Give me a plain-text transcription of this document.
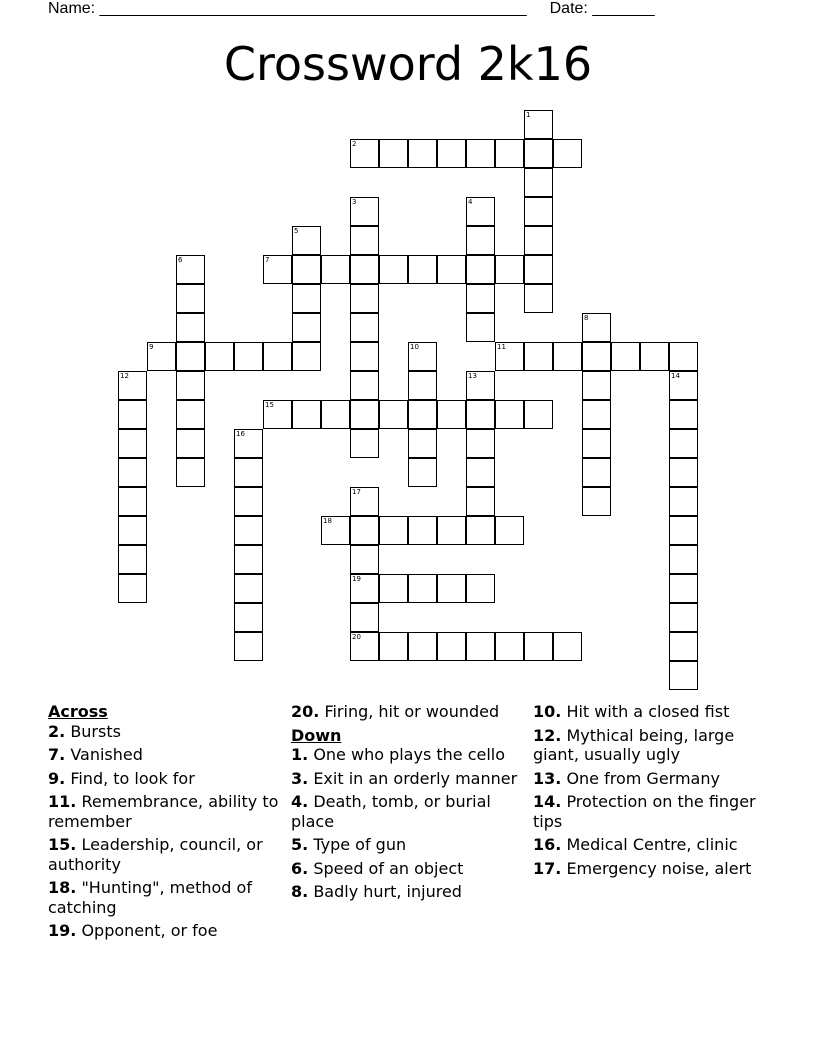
Name: ________________________________________________ Date: _______
Crossword 2k16
1
2
3	4
5
6	7
8
9	10	11
12	13	14
15
16
17
19
20
18
Across
2. Bursts
7. Vanished
9. Find, to look for
11. Remembrance, ability to remember
15. Leadership, council, or authority
18. "Hunting", method of catching
19. Opponent, or foe
20. Firing, hit or wounded
Down
1. One who plays the cello
3. Exit in an orderly manner
4. Death, tomb, or burial place
5. Type of gun
6. Speed of an object
8. Badly hurt, injured
10. Hit with a closed fist
12. Mythical being, large giant, usually ugly
13. One from Germany
14. Protection on the finger tips
16. Medical Centre, clinic
17. Emergency noise, alert
